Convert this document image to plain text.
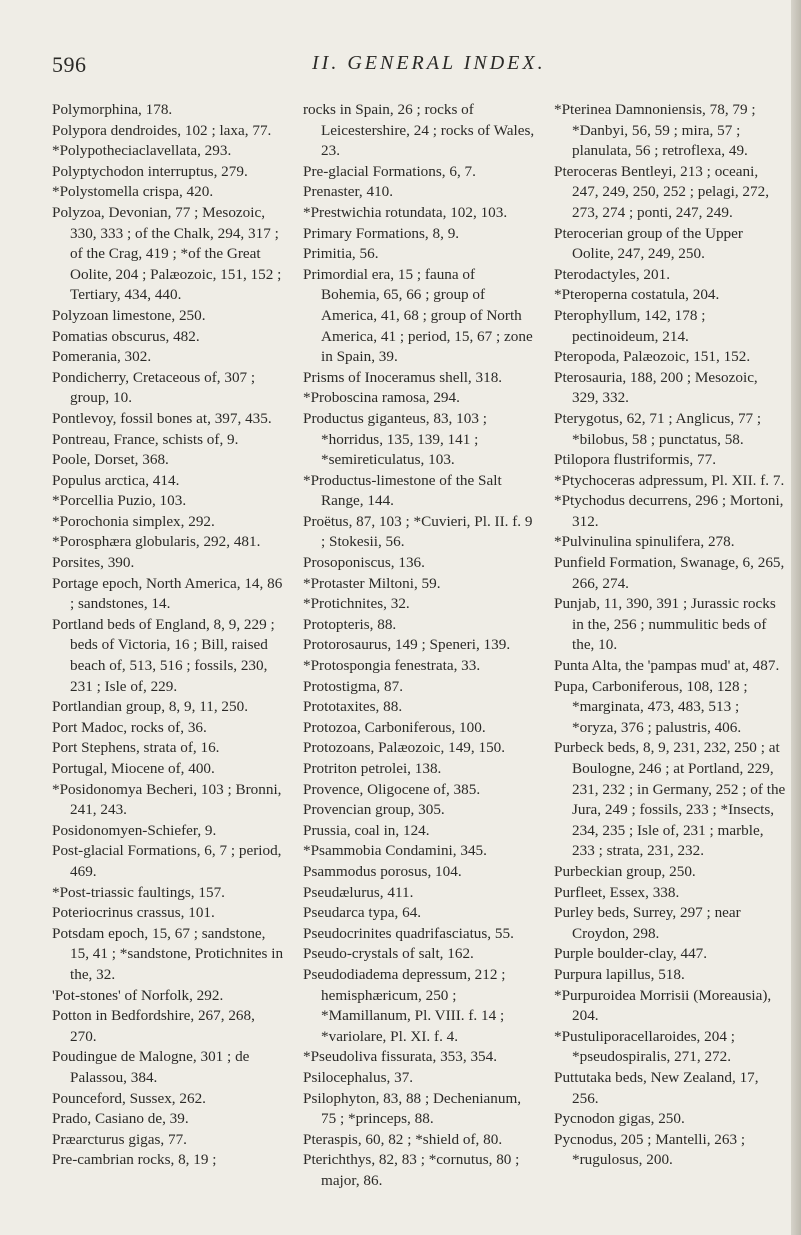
596	II. GENERAL INDEX.

Polymorphina, 178.

Polypora dendroides, 102 ; laxa, 77.

*Polypotheciaclavellata, 293.

Polyptychodon interruptus, 279.

*Polystomella crispa, 420.

Polyzoa, Devonian, 77 ; Mesozoic, 330, 333 ; of the Chalk, 294, 317 ; of the Crag, 419 ; *of the Great Oolite, 204 ; Palæozoic, 151, 152 ; Tertiary, 434, 440.

Polyzoan limestone, 250.

Pomatias obscurus, 482.

Pomerania, 302.

Pondicherry, Cretaceous of, 307 ; group, 10.

Pontlevoy, fossil bones at, 397, 435.

Pontreau, France, schists of, 9.

Poole, Dorset, 368.

Populus arctica, 414.

*Porcellia Puzio, 103.

*Porochonia simplex, 292.

*Porosphæra globularis, 292, 481.

Porsites, 390.

Portage epoch, North America, 14, 86 ; sandstones, 14.

Portland beds of England, 8, 9, 229 ; beds of Victoria, 16 ; Bill, raised beach of, 513, 516 ; fossils, 230, 231 ; Isle of, 229.

Portlandian group, 8, 9, 11, 250.

Port Madoc, rocks of, 36.

Port Stephens, strata of, 16.

Portugal, Miocene of, 400.

*Posidonomya Becheri, 103 ; Bronni, 241, 243.

Posidonomyen-Schiefer, 9.

Post-glacial Formations, 6, 7 ; period, 469.

*Post-triassic faultings, 157.

Poteriocrinus crassus, 101.

Potsdam epoch, 15, 67 ; sandstone, 15, 41 ; *sandstone, Protichnites in the, 32.

'Pot-stones' of Norfolk, 292.

Potton in Bedfordshire, 267, 268, 270.

Poudingue de Malogne, 301 ; de Palassou, 384.

Pounceford, Sussex, 262.

Prado, Casiano de, 39.

Præarcturus gigas, 77.

Pre-cambrian rocks, 8, 19 ;

rocks in Spain, 26 ; rocks of Leicestershire, 24 ; rocks of Wales, 23.

Pre-glacial Formations, 6, 7.

Prenaster, 410.

*Prestwichia rotundata, 102, 103.

Primary Formations, 8, 9.

Primitia, 56.

Primordial era, 15 ; fauna of Bohemia, 65, 66 ; group of America, 41, 68 ; group of North America, 41 ; period, 15, 67 ; zone in Spain, 39.

Prisms of Inoceramus shell, 318.

*Proboscina ramosa, 294.

Productus giganteus, 83, 103 ; *horridus, 135, 139, 141 ; *semireticulatus, 103.

*Productus-limestone of the Salt Range, 144.

Proëtus, 87, 103 ; *Cuvieri, Pl. II. f. 9 ; Stokesii, 56.

Prosoponiscus, 136.

*Protaster Miltoni, 59.

*Protichnites, 32.

Protopteris, 88.

Protorosaurus, 149 ; Speneri, 139.

*Protospongia fenestrata, 33.

Protostigma, 87.

Prototaxites, 88.

Protozoa, Carboniferous, 100.

Protozoans, Palæozoic, 149, 150.

Protriton petrolei, 138.

Provence, Oligocene of, 385.

Provencian group, 305.

Prussia, coal in, 124.

*Psammobia Condamini, 345.

Psammodus porosus, 104.

Pseudælurus, 411.

Pseudarca typa, 64.

Pseudocrinites quadrifasciatus, 55.

Pseudo-crystals of salt, 162.

Pseudodiadema depressum, 212 ; hemisphæricum, 250 ; *Mamillanum, Pl. VIII. f. 14 ; *variolare, Pl. XI. f. 4.

*Pseudoliva fissurata, 353, 354.

Psilocephalus, 37.

Psilophyton, 83, 88 ; Dechenianum, 75 ; *princeps, 88.

Pteraspis, 60, 82 ; *shield of, 80.

Pterichthys, 82, 83 ; *cornutus, 80 ; major, 86.

*Pterinea Damnoniensis, 78, 79 ; *Danbyi, 56, 59 ; mira, 57 ; planulata, 56 ; retroflexa, 49.

Pteroceras Bentleyi, 213 ; oceani, 247, 249, 250, 252 ; pelagi, 272, 273, 274 ; ponti, 247, 249.

Pterocerian group of the Upper Oolite, 247, 249, 250.

Pterodactyles, 201.

*Pteroperna costatula, 204.

Pterophyllum, 142, 178 ; pectinoideum, 214.

Pteropoda, Palæozoic, 151, 152.

Pterosauria, 188, 200 ; Mesozoic, 329, 332.

Pterygotus, 62, 71 ; Anglicus, 77 ; *bilobus, 58 ; punctatus, 58.

Ptilopora flustriformis, 77.

*Ptychoceras adpressum, Pl. XII. f. 7.

*Ptychodus decurrens, 296 ; Mortoni, 312.

*Pulvinulina spinulifera, 278.

Punfield Formation, Swanage, 6, 265, 266, 274.

Punjab, 11, 390, 391 ; Jurassic rocks in the, 256 ; nummulitic beds of the, 10.

Punta Alta, the 'pampas mud' at, 487.

Pupa, Carboniferous, 108, 128 ; *marginata, 473, 483, 513 ; *oryza, 376 ; palustris, 406.

Purbeck beds, 8, 9, 231, 232, 250 ; at Boulogne, 246 ; at Portland, 229, 231, 232 ; in Germany, 252 ; of the Jura, 249 ; fossils, 233 ; *Insects, 234, 235 ; Isle of, 231 ; marble, 233 ; strata, 231, 232.

Purbeckian group, 250.

Purfleet, Essex, 338.

Purley beds, Surrey, 297 ; near Croydon, 298.

Purple boulder-clay, 447.

Purpura lapillus, 518.

*Purpuroidea Morrisii (Moreausia), 204.

*Pustuliporacellaroides, 204 ; *pseudospiralis, 271, 272.

Puttutaka beds, New Zealand, 17, 256.

Pycnodon gigas, 250.

Pycnodus, 205 ; Mantelli, 263 ; *rugulosus, 200.
